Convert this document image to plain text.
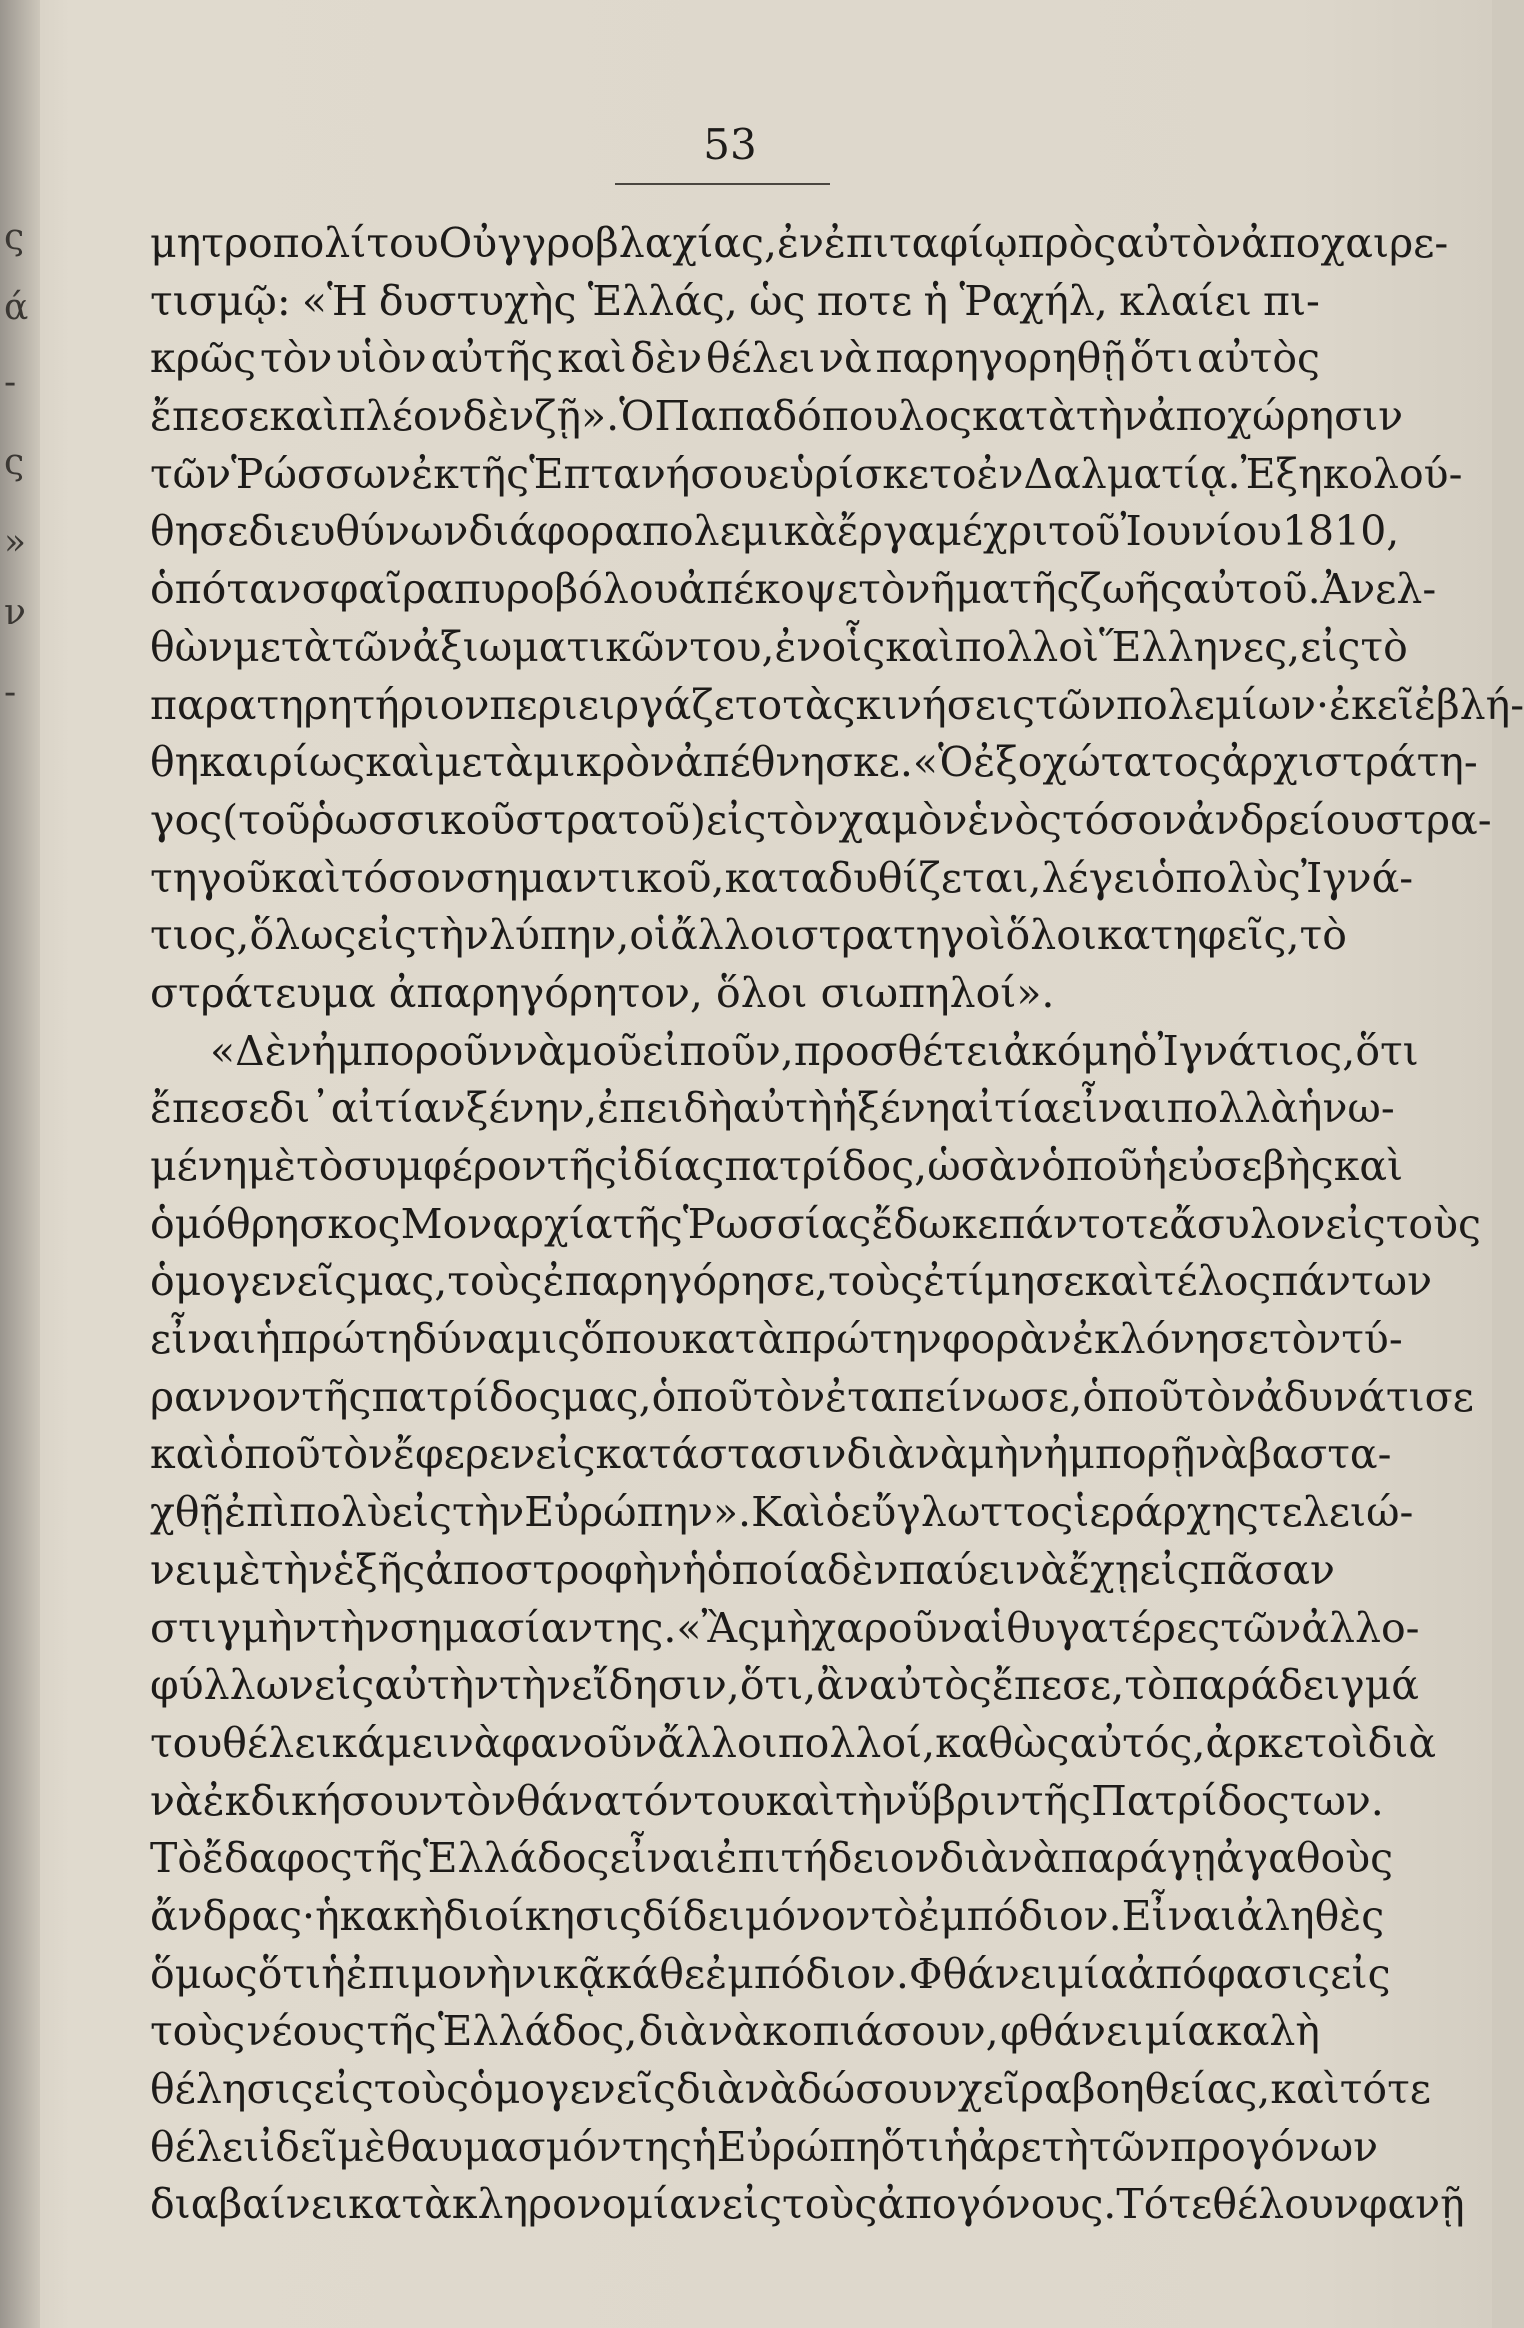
ς
ά
-
ς
»
ν
-
53
μητροπολίτου Οὐγγροβλαχίας, ἐν ἐπιταφίῳ πρὸς αὐτὸν ἀποχαιρε-
τισμῷ: «Ἡ δυστυχὴς Ἑλλάς, ὡς ποτε ἡ Ῥαχήλ, κλαίει πι-
κρῶς τὸν υἱὸν αὐτῆς καὶ δὲν θέλει νὰ παρηγορηθῇ ὅτι αὐτὸς
ἔπεσε καὶ πλέον δὲν ζῇ». Ὁ Παπαδόπουλος κατὰ τὴν ἀποχώρησιν
τῶν Ῥώσσων ἐκ τῆς Ἑπτανήσου εὑρίσκετο ἐν Δαλματίᾳ. Ἐξηκολού-
θησε διευθύνων διάφορα πολεμικὰ ἔργα μέχρι τοῦ Ἰουνίου 1810,
ὁπόταν σφαῖρα πυροβόλου ἀπέκοψε τὸ νῆμα τῆς ζωῆς αὐτοῦ. Ἀνελ-
θὼν μετὰ τῶν ἀξιωματικῶν του, ἐν οἷς καὶ πολλοὶ Ἕλληνες, εἰς τὸ
παρατηρητήριον περιειργάζετο τὰς κινήσεις τῶν πολεμίων· ἐκεῖ ἐβλή-
θη καιρίως καὶ μετὰ μικρὸν ἀπέθνησκε. «Ὁ ἐξοχώτατος ἀρχιστράτη-
γος (τοῦ ῥωσσικοῦ στρατοῦ) εἰς τὸν χαμὸν ἑνὸς τόσον ἀνδρείου στρα-
τηγοῦ καὶ τόσον σημαντικοῦ, καταδυθίζεται, λέγει ὁ πολὺς Ἰγνά-
τιος, ὅλως εἰς τὴν λύπην, οἱ ἄλλοι στρατηγοὶ ὅλοι κατηφεῖς, τὸ
στράτευμα ἀπαρηγόρητον, ὅλοι σιωπηλοί».
«Δὲν ἠμποροῦν νὰ μοῦ εἰποῦν, προσθέτει ἀκόμη ὁ Ἰγνάτιος, ὅτι
ἔπεσε δι᾽ αἰτίαν ξένην, ἐπειδὴ αὐτὴ ἡ ξένη αἰτία εἶναι πολλὰ ἡνω-
μένη μὲ τὸ συμφέρον τῆς ἰδίας πατρίδος, ὡσὰν ὁποῦ ἡ εὐσεβὴς καὶ
ὁμόθρησκος Μοναρχία τῆς Ῥωσσίας ἔδωκε πάντοτε ἄσυλον εἰς τοὺς
ὁμογενεῖς μας, τοὺς ἐπαρηγόρησε, τοὺς ἐτίμησε καὶ τέλος πάντων
εἶναι ἡ πρώτη δύναμις ὅπου κατὰ πρώτην φορὰν ἐκλόνησε τὸν τύ-
ραννον τῆς πατρίδος μας, ὁποῦ τὸν ἐταπείνωσε, ὁποῦ τὸν ἀδυνάτισε
καὶ ὁποῦ τὸν ἔφερεν εἰς κατάστασιν διὰ νὰ μὴν ἠμπορῇ νὰ βαστα-
χθῇ ἐπὶ πολὺ εἰς τὴν Εὐρώπην». Καὶ ὁ εὔγλωττος ἱεράρχης τελειώ-
νει μὲ τὴν ἑξῆς ἀποστροφὴν ἡ ὁποία δὲν παύει νὰ ἔχῃ εἰς πᾶσαν
στιγμὴν τὴν σημασίαν της. «Ἂς μὴ χαροῦν αἱ θυγατέρες τῶν ἀλλο-
φύλλων εἰς αὐτὴν τὴν εἴδησιν, ὅτι, ἂν αὐτὸς ἔπεσε, τὸ παράδειγμά
του θέλει κάμει νὰ φανοῦν ἄλλοι πολλοί, καθὼς αὐτός, ἀρκετοὶ διὰ
νὰ ἐκδικήσουν τὸν θάνατόν του καὶ τὴν ὕβριν τῆς Πατρίδος των.
Τὸ ἔδαφος τῆς Ἑλλάδος εἶναι ἐπιτήδειον διὰ νὰ παράγῃ ἀγαθοὺς
ἄνδρας· ἡ κακὴ διοίκησις δίδει μόνον τὸ ἐμπόδιον. Εἶναι ἀληθὲς
ὅμως ὅτι ἡ ἐπιμονὴ νικᾷ κάθε ἐμπόδιον. Φθάνει μία ἀπόφασις εἰς
τοὺς νέους τῆς Ἑλλάδος, διὰ νὰ κοπιάσουν, φθάνει μία καλὴ
θέλησις εἰς τοὺς ὁμογενεῖς διὰ νὰ δώσουν χεῖρα βοηθείας, καὶ τότε
θέλει ἰδεῖ μὲ θαυμασμόν της ἡ Εὐρώπη ὅτι ἡ ἀρετὴ τῶν προγόνων
διαβαίνει κατὰ κληρονομίαν εἰς τοὺς ἀπογόνους. Τότε θέλουν φανῇ
